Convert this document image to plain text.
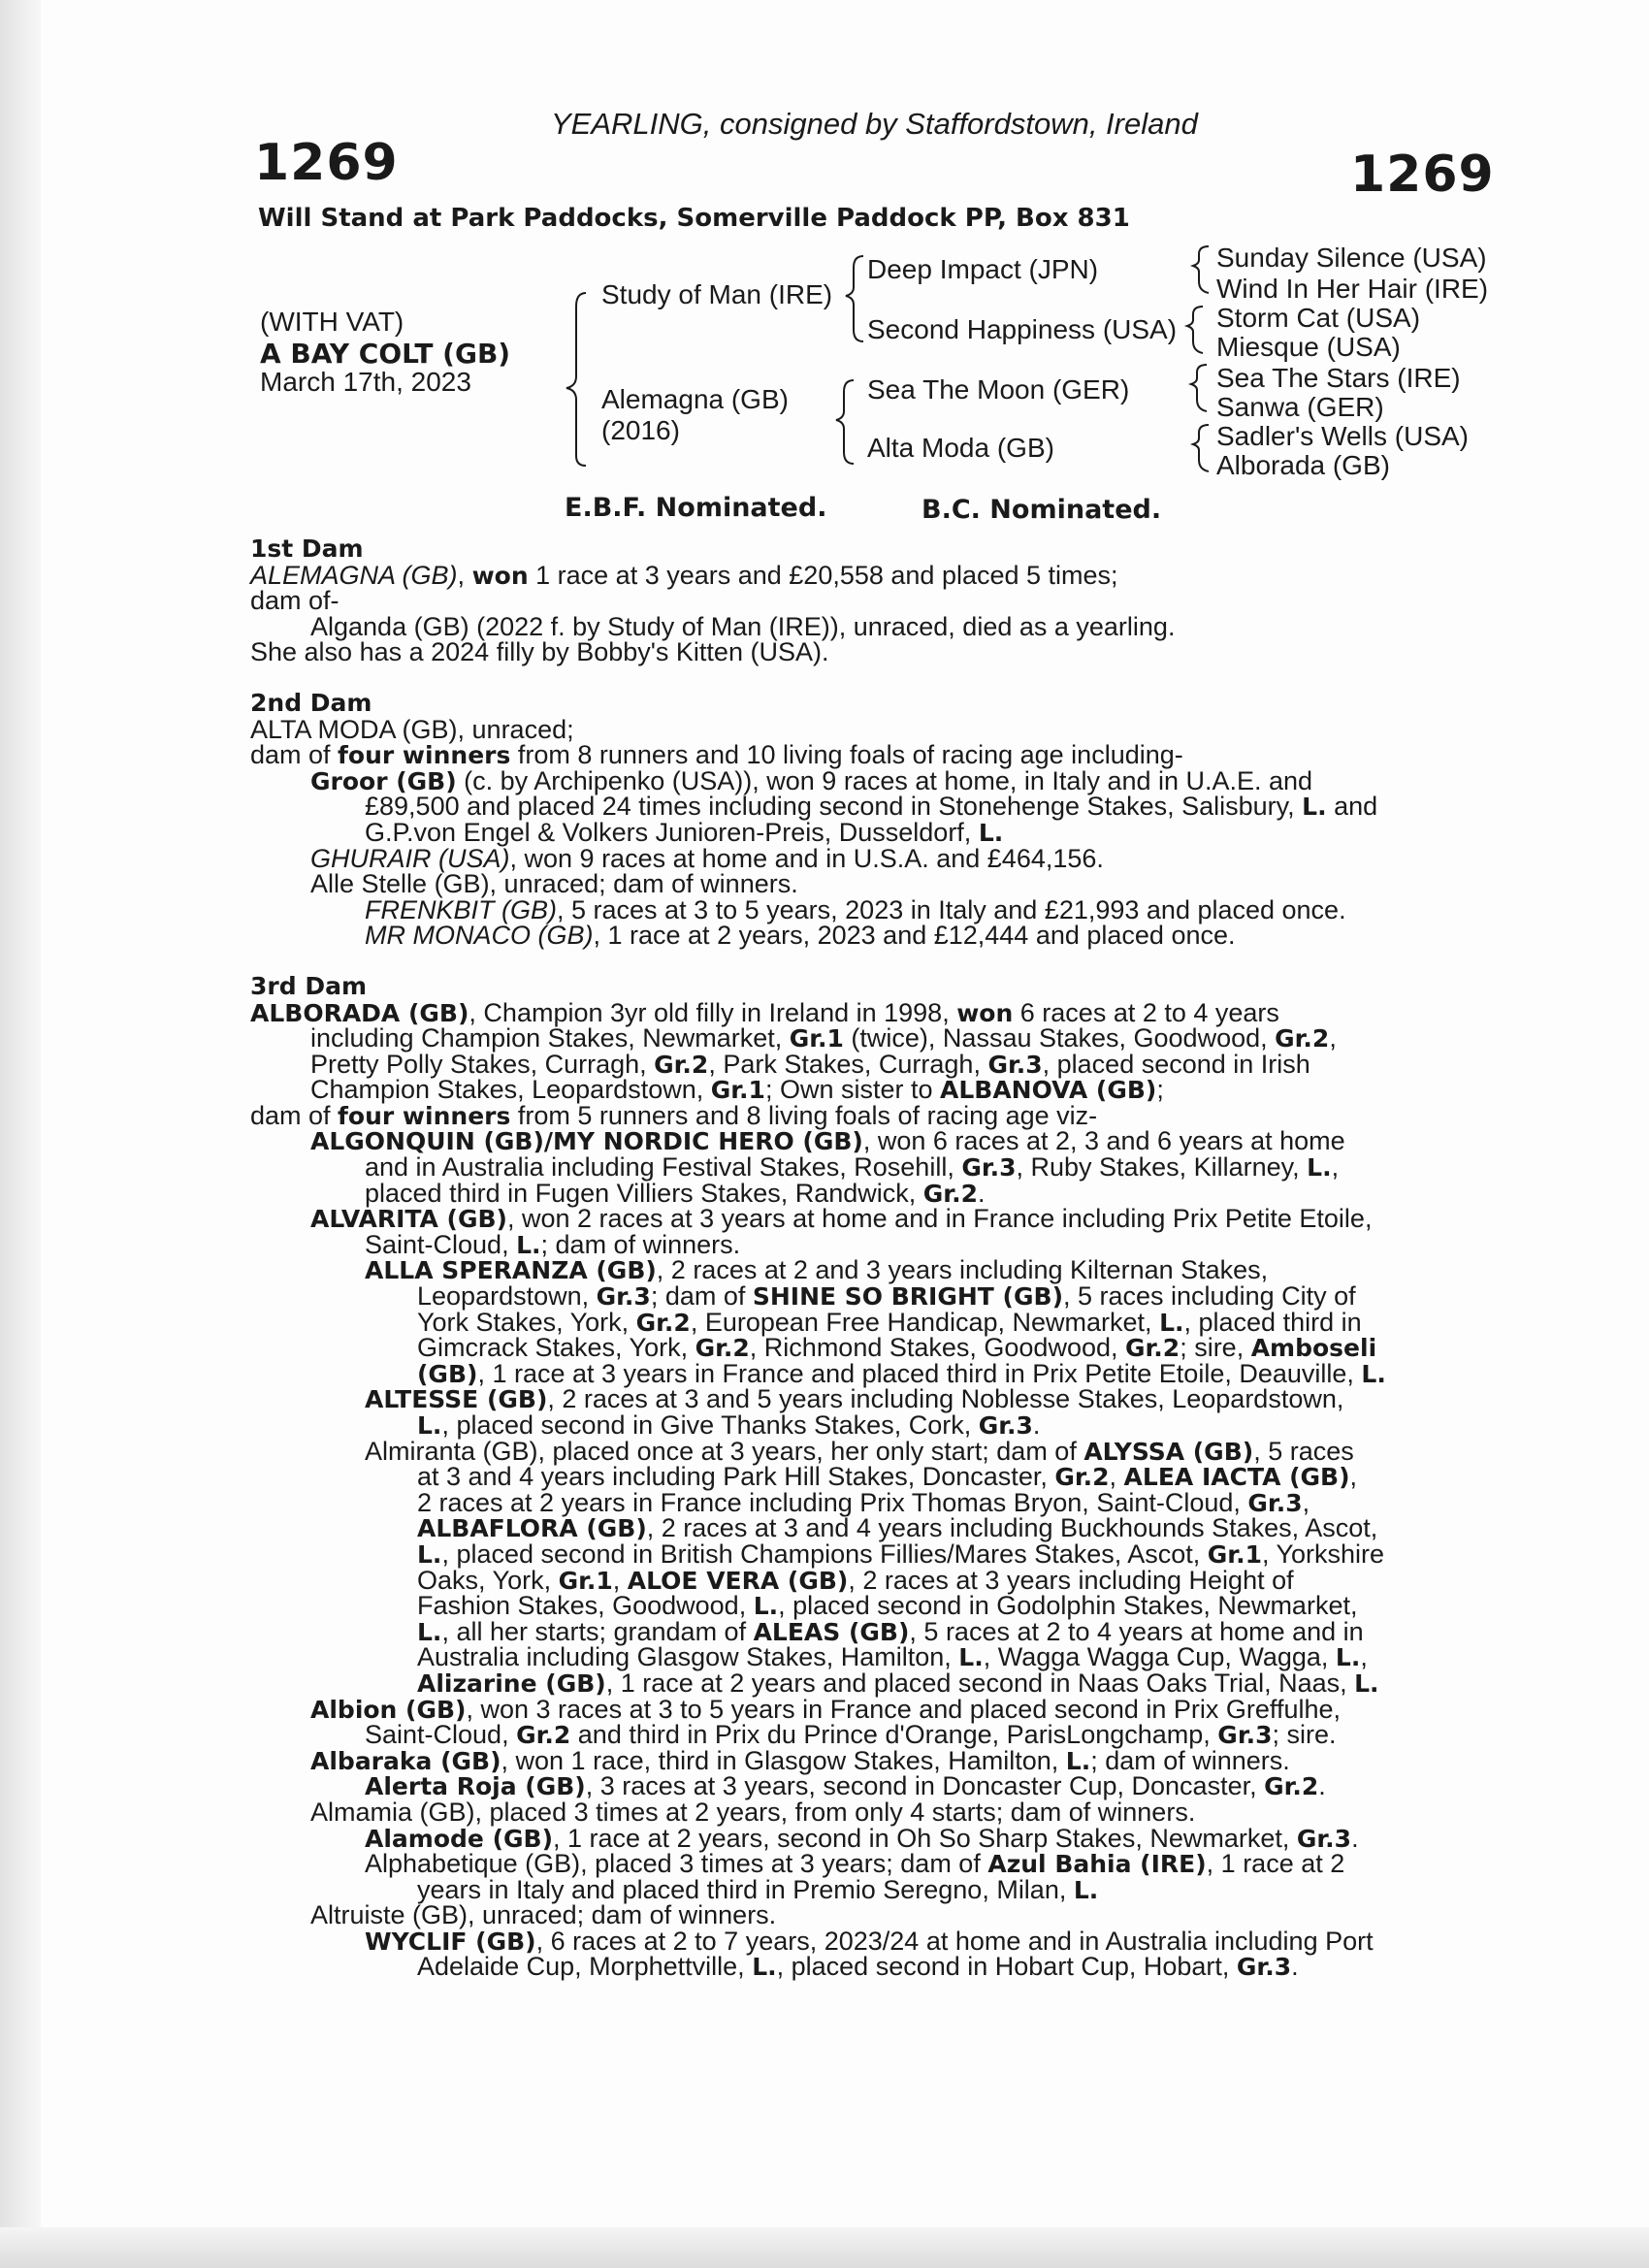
YEARLING, consigned by Staffordstown, Ireland
1269	1269
Will Stand at Park Paddocks, Somerville Paddock PP, Box 831
(WITH VAT)
A BAY COLT (GB)
March 17th, 2023
Study of Man (IRE)
Alemagna (GB)
(2016)
Deep Impact (JPN)
Second Happiness (USA)
Sea The Moon (GER)
Alta Moda (GB)
Sunday Silence (USA)
Wind In Her Hair (IRE)
Storm Cat (USA)
Miesque (USA)
Sea The Stars (IRE)
Sanwa (GER)
Sadler's Wells (USA)
Alborada (GB)
E.B.F. Nominated.	B.C. Nominated.
1st Dam
ALEMAGNA (GB), won 1 race at 3 years and £20,558 and placed 5 times;
dam of-
Alganda (GB) (2022 f. by Study of Man (IRE)), unraced, died as a yearling.
She also has a 2024 filly by Bobby's Kitten (USA).
2nd Dam
ALTA MODA (GB), unraced;
dam of four winners from 8 runners and 10 living foals of racing age including-
Groor (GB) (c. by Archipenko (USA)), won 9 races at home, in Italy and in U.A.E. and
£89,500 and placed 24 times including second in Stonehenge Stakes, Salisbury, L. and
G.P.von Engel & Volkers Junioren-Preis, Dusseldorf, L.
GHURAIR (USA), won 9 races at home and in U.S.A. and £464,156.
Alle Stelle (GB), unraced; dam of winners.
FRENKBIT (GB), 5 races at 3 to 5 years, 2023 in Italy and £21,993 and placed once.
MR MONACO (GB), 1 race at 2 years, 2023 and £12,444 and placed once.
3rd Dam
ALBORADA (GB), Champion 3yr old filly in Ireland in 1998, won 6 races at 2 to 4 years
including Champion Stakes, Newmarket, Gr.1 (twice), Nassau Stakes, Goodwood, Gr.2,
Pretty Polly Stakes, Curragh, Gr.2, Park Stakes, Curragh, Gr.3, placed second in Irish
Champion Stakes, Leopardstown, Gr.1; Own sister to ALBANOVA (GB);
dam of four winners from 5 runners and 8 living foals of racing age viz-
ALGONQUIN (GB)/MY NORDIC HERO (GB), won 6 races at 2, 3 and 6 years at home
and in Australia including Festival Stakes, Rosehill, Gr.3, Ruby Stakes, Killarney, L.,
placed third in Fugen Villiers Stakes, Randwick, Gr.2.
ALVARITA (GB), won 2 races at 3 years at home and in France including Prix Petite Etoile,
Saint-Cloud, L.; dam of winners.
ALLA SPERANZA (GB), 2 races at 2 and 3 years including Kilternan Stakes,
Leopardstown, Gr.3; dam of SHINE SO BRIGHT (GB), 5 races including City of
York Stakes, York, Gr.2, European Free Handicap, Newmarket, L., placed third in
Gimcrack Stakes, York, Gr.2, Richmond Stakes, Goodwood, Gr.2; sire, Amboseli
(GB), 1 race at 3 years in France and placed third in Prix Petite Etoile, Deauville, L.
ALTESSE (GB), 2 races at 3 and 5 years including Noblesse Stakes, Leopardstown,
L., placed second in Give Thanks Stakes, Cork, Gr.3.
Almiranta (GB), placed once at 3 years, her only start; dam of ALYSSA (GB), 5 races
at 3 and 4 years including Park Hill Stakes, Doncaster, Gr.2, ALEA IACTA (GB),
2 races at 2 years in France including Prix Thomas Bryon, Saint-Cloud, Gr.3,
ALBAFLORA (GB), 2 races at 3 and 4 years including Buckhounds Stakes, Ascot,
L., placed second in British Champions Fillies/Mares Stakes, Ascot, Gr.1, Yorkshire
Oaks, York, Gr.1, ALOE VERA (GB), 2 races at 3 years including Height of
Fashion Stakes, Goodwood, L., placed second in Godolphin Stakes, Newmarket,
L., all her starts; grandam of ALEAS (GB), 5 races at 2 to 4 years at home and in
Australia including Glasgow Stakes, Hamilton, L., Wagga Wagga Cup, Wagga, L.,
Alizarine (GB), 1 race at 2 years and placed second in Naas Oaks Trial, Naas, L.
Albion (GB), won 3 races at 3 to 5 years in France and placed second in Prix Greffulhe,
Saint-Cloud, Gr.2 and third in Prix du Prince d'Orange, ParisLongchamp, Gr.3; sire.
Albaraka (GB), won 1 race, third in Glasgow Stakes, Hamilton, L.; dam of winners.
Alerta Roja (GB), 3 races at 3 years, second in Doncaster Cup, Doncaster, Gr.2.
Almamia (GB), placed 3 times at 2 years, from only 4 starts; dam of winners.
Alamode (GB), 1 race at 2 years, second in Oh So Sharp Stakes, Newmarket, Gr.3.
Alphabetique (GB), placed 3 times at 3 years; dam of Azul Bahia (IRE), 1 race at 2
years in Italy and placed third in Premio Seregno, Milan, L.
Altruiste (GB), unraced; dam of winners.
WYCLIF (GB), 6 races at 2 to 7 years, 2023/24 at home and in Australia including Port
Adelaide Cup, Morphettville, L., placed second in Hobart Cup, Hobart, Gr.3.
